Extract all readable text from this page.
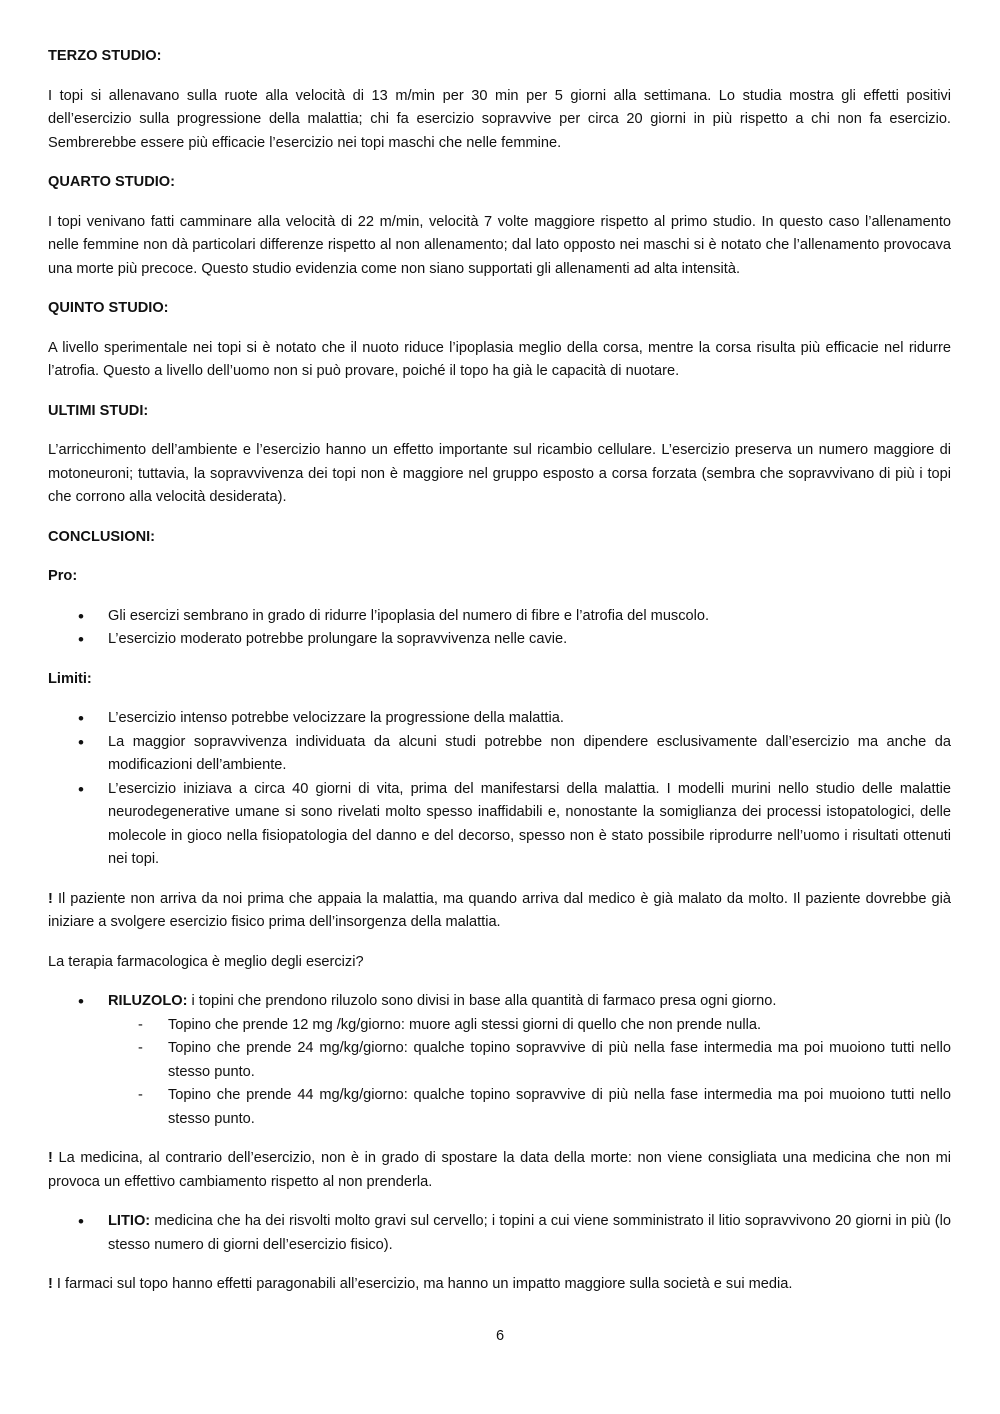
TERZO STUDIO:

I topi si allenavano sulla ruote alla velocità di 13 m/min per 30 min per 5 giorni alla settimana. Lo studia mostra gli effetti positivi dell’esercizio sulla progressione della malattia; chi fa esercizio sopravvive per circa 20 giorni in più rispetto a chi non fa esercizio. Sembrerebbe essere più efficacie l’esercizio nei topi maschi che nelle femmine.

QUARTO STUDIO:

I topi venivano fatti camminare alla velocità di 22 m/min, velocità 7 volte maggiore rispetto al primo studio. In questo caso l’allenamento nelle femmine non dà particolari differenze rispetto al non allenamento; dal lato opposto nei maschi si è notato che l’allenamento provocava una morte più precoce. Questo studio evidenzia come non siano supportati gli allenamenti ad alta intensità.

QUINTO STUDIO:

A livello sperimentale nei topi si è notato che il nuoto riduce l’ipoplasia meglio della corsa, mentre la corsa risulta più efficacie nel ridurre l’atrofia. Questo a livello dell’uomo non si può provare, poiché il topo ha già le capacità di nuotare.

ULTIMI STUDI:

L’arricchimento dell’ambiente e l’esercizio hanno un effetto importante sul ricambio cellulare. L’esercizio preserva un numero maggiore di motoneuroni; tuttavia, la sopravvivenza dei topi non è maggiore nel gruppo esposto a corsa forzata (sembra che sopravvivano di più i topi che corrono alla velocità desiderata).

CONCLUSIONI:
Pro:
• Gli esercizi sembrano in grado di ridurre l’ipoplasia del numero di fibre e l’atrofia del muscolo.
• L’esercizio moderato potrebbe prolungare la sopravvivenza nelle cavie.
Limiti:
• L’esercizio intenso potrebbe velocizzare la progressione della malattia.
• La maggior sopravvivenza individuata da alcuni studi potrebbe non dipendere esclusivamente dall’esercizio ma anche da modificazioni dell’ambiente.
• L’esercizio iniziava a circa 40 giorni di vita, prima del manifestarsi della malattia. I modelli murini nello studio delle malattie neurodegenerative umane si sono rivelati molto spesso inaffidabili e, nonostante la somiglianza dei processi istopatologici, delle molecole in gioco nella fisiopatologia del danno e del decorso, spesso non è stato possibile riprodurre nell’uomo i risultati ottenuti nei topi.

! Il paziente non arriva da noi prima che appaia la malattia, ma quando arriva dal medico è già malato da molto. Il paziente dovrebbe già iniziare a svolgere esercizio fisico prima dell’insorgenza della malattia.

La terapia farmacologica è meglio degli esercizi?

• RILUZOLO: i topini che prendono riluzolo sono divisi in base alla quantità di farmaco presa ogni giorno.
- Topino che prende 12 mg /kg/giorno: muore agli stessi giorni di quello che non prende nulla.
- Topino che prende 24 mg/kg/giorno: qualche topino sopravvive di più nella fase intermedia ma poi muoiono tutti nello stesso punto.
- Topino che prende 44 mg/kg/giorno: qualche topino sopravvive di più nella fase intermedia ma poi muoiono tutti nello stesso punto.

! La medicina, al contrario dell’esercizio, non è in grado di spostare la data della morte: non viene consigliata una medicina che non mi provoca un effettivo cambiamento rispetto al non prenderla.

• LITIO: medicina che ha dei risvolti molto gravi sul cervello; i topini a cui viene somministrato il litio sopravvivono 20 giorni in più (lo stesso numero di giorni dell’esercizio fisico).

! I farmaci sul topo hanno effetti paragonabili all’esercizio, ma hanno un impatto maggiore sulla società e sui media.

6
